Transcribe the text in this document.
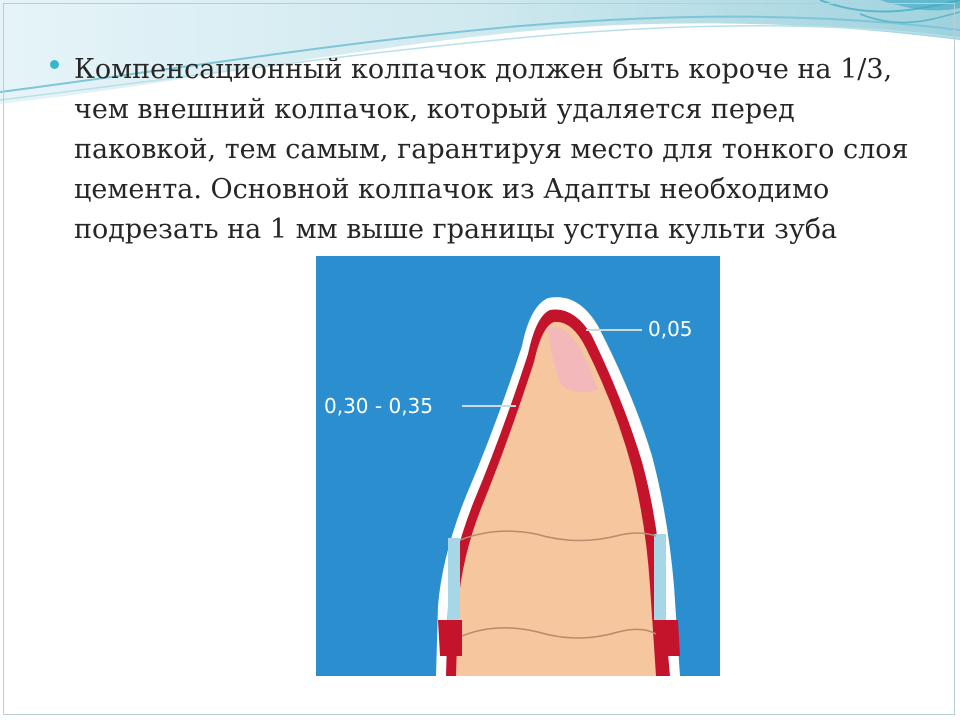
Компенсационный колпачок должен быть короче на 1/3, чем внешний колпачок, который удаляется перед паковкой, тем самым, гарантируя место для тонкого слоя цемента. Основной колпачок из Адапты необходимо подрезать на 1 мм выше границы уступа культи зуба

0,05
0,30 - 0,35
